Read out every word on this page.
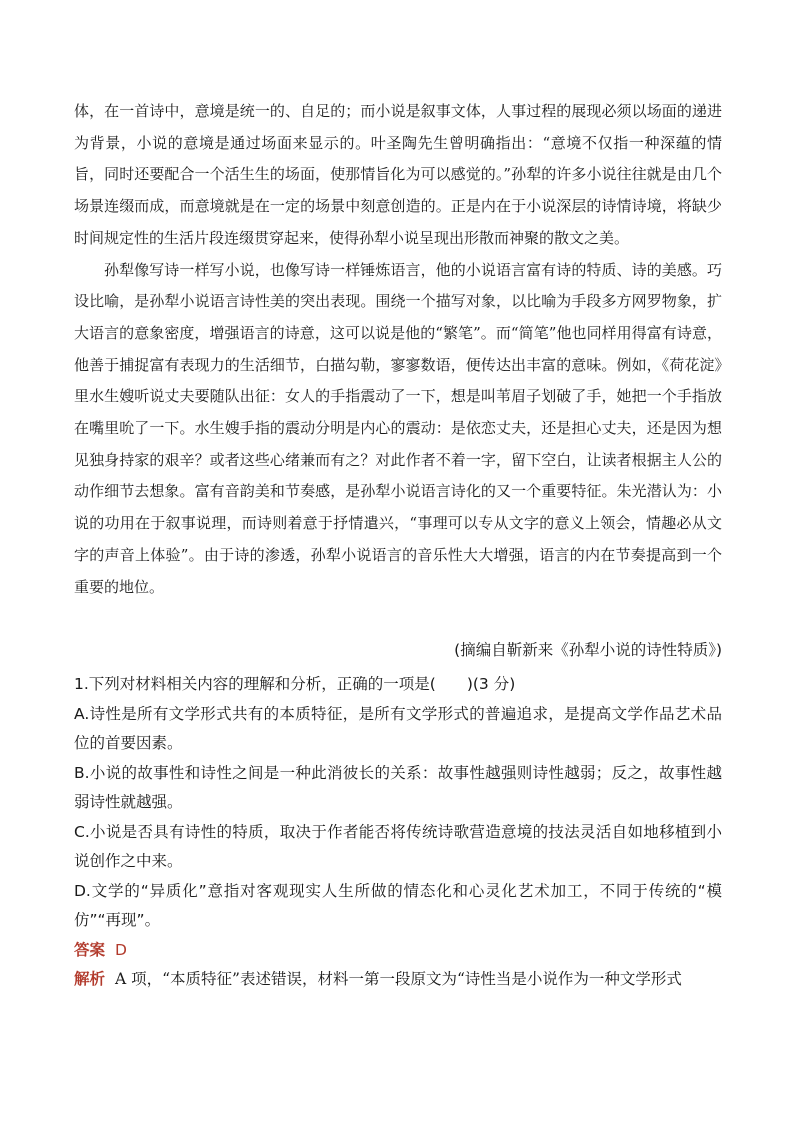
体，在一首诗中，意境是统一的、自足的；而小说是叙事文体，人事过程的展现必须以场面的递进为背景，小说的意境是通过场面来显示的。叶圣陶先生曾明确指出：“意境不仅指一种深蕴的情旨，同时还要配合一个活生生的场面，使那情旨化为可以感觉的。”孙犁的许多小说往往就是由几个场景连缀而成，而意境就是在一定的场景中刻意创造的。正是内在于小说深层的诗情诗境，将缺少时间规定性的生活片段连缀贯穿起来，使得孙犁小说呈现出形散而神聚的散文之美。

孙犁像写诗一样写小说，也像写诗一样锤炼语言，他的小说语言富有诗的特质、诗的美感。巧设比喻，是孙犁小说语言诗性美的突出表现。围绕一个描写对象，以比喻为手段多方网罗物象，扩大语言的意象密度，增强语言的诗意，这可以说是他的“繁笔”。而“简笔”他也同样用得富有诗意，他善于捕捉富有表现力的生活细节，白描勾勒，寥寥数语，便传达出丰富的意味。例如，《荷花淀》里水生嫂听说丈夫要随队出征：女人的手指震动了一下，想是叫苇眉子划破了手，她把一个手指放在嘴里吮了一下。水生嫂手指的震动分明是内心的震动：是依恋丈夫，还是担心丈夫，还是因为想见独身持家的艰辛？或者这些心绪兼而有之？对此作者不着一字，留下空白，让读者根据主人公的动作细节去想象。富有音韵美和节奏感，是孙犁小说语言诗化的又一个重要特征。朱光潜认为：小说的功用在于叙事说理，而诗则着意于抒情遣兴，“事理可以专从文字的意义上领会，情趣必从文字的声音上体验”。由于诗的渗透，孙犁小说语言的音乐性大大增强，语言的内在节奏提高到一个重要的地位。

(摘编自靳新来《孙犁小说的诗性特质》)

1.下列对材料相关内容的理解和分析，正确的一项是(　　)(3 分)

A.诗性是所有文学形式共有的本质特征，是所有文学形式的普遍追求，是提高文学作品艺术品位的首要因素。

B.小说的故事性和诗性之间是一种此消彼长的关系：故事性越强则诗性越弱；反之，故事性越弱诗性就越强。

C.小说是否具有诗性的特质，取决于作者能否将传统诗歌营造意境的技法灵活自如地移植到小说创作之中来。

D.文学的“异质化”意指对客观现实人生所做的情态化和心灵化艺术加工，不同于传统的“模仿”“再现”。

答案 D

解析 A 项，“本质特征”表述错误，材料一第一段原文为“诗性当是小说作为一种文学形式
